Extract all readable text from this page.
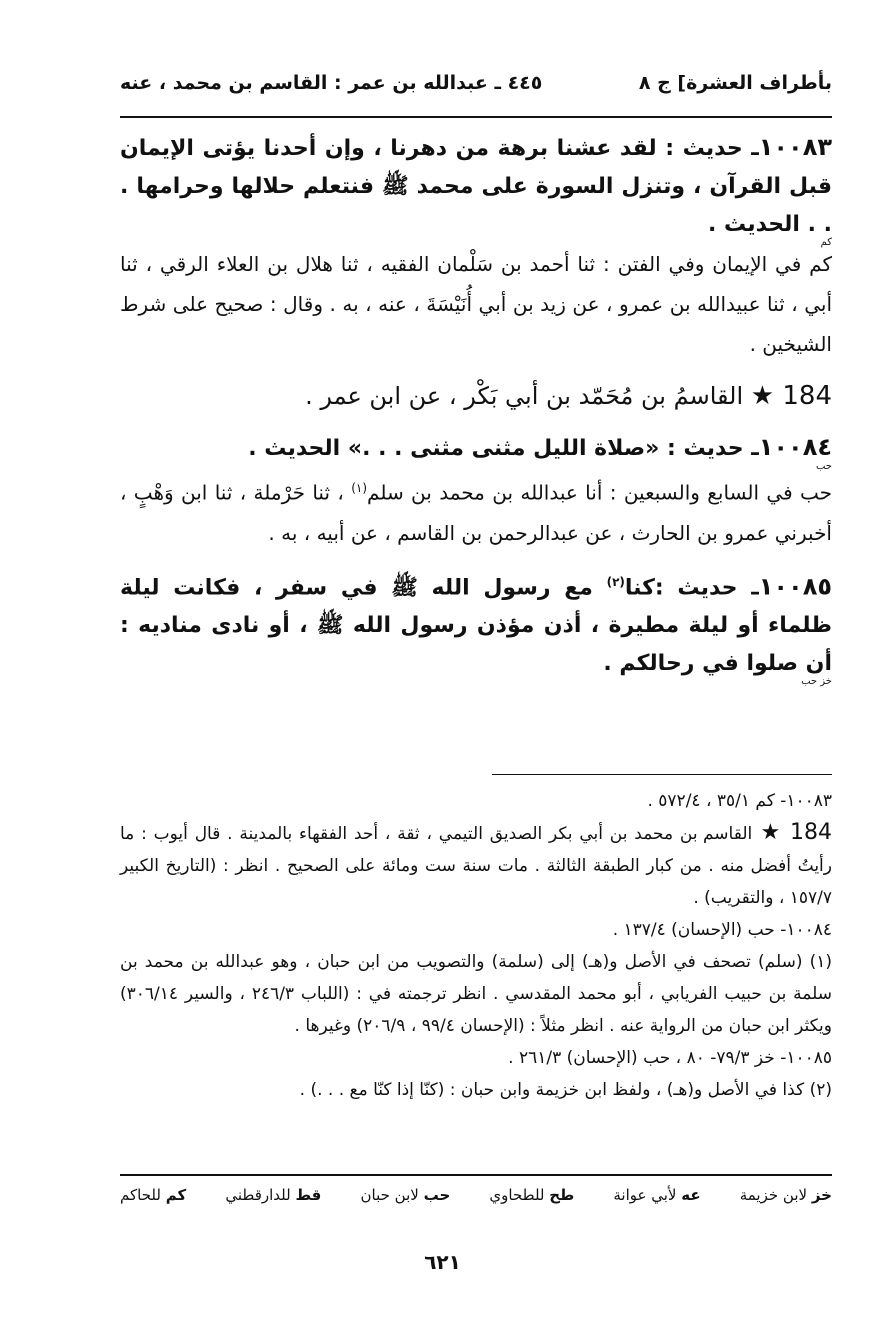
بأطراف العشرة] ج ٨
٤٤٥ ـ عبدالله بن عمر : القاسم بن محمد ، عنه
١٠٠٨٣ـ حديث : لقد عشنا برهة من دهرنا ، وإن أحدنا يؤتى الإيمان قبل القرآن ، وتنزل السورة على محمد ﷺ فنتعلم حلالها وحرامها . . . الحديث .
كم
كم في الإيمان وفي الفتن : ثنا أحمد بن سَلْمان الفقيه ، ثنا هلال بن العلاء الرقي ، ثنا أبي ، ثنا عبيدالله بن عمرو ، عن زيد بن أبي أُنَيْسَةَ ، عنه ، به . وقال : صحيح على شرط الشيخين .
184 ★ القاسمُ بن مُحَمّد بن أبي بَكْر ، عن ابن عمر .
١٠٠٨٤ـ حديث : «صلاة الليل مثنى مثنى . . .» الحديث .
حب
حب في السابع والسبعين : أنا عبدالله بن محمد بن سلم$^{(١)}$ ، ثنا حَرْملة ، ثنا ابن وَهْبٍ ، أخبرني عمرو بن الحارث ، عن عبدالرحمن بن القاسم ، عن أبيه ، به .
١٠٠٨٥ـ حديث :كنا$^{(٢)}$ مع رسول الله ﷺ في سفر ، فكانت ليلة ظلماء أو ليلة مطيرة ، أذن مؤذن رسول الله ﷺ ، أو نادى مناديه : أن صلوا في رحالكم .
خز حب

١٠٠٨٣- كم ٣٥/١ ، ٥٧٢/٤ .

184 ★ القاسم بن محمد بن أبي بكر الصديق التيمي ، ثقة ، أحد الفقهاء بالمدينة . قال أيوب : ما رأيتُ أفضل منه . من كبار الطبقة الثالثة . مات سنة ست ومائة على الصحيح . انظر : (التاريخ الكبير ١٥٧/٧ ، والتقريب) .

١٠٠٨٤- حب (الإحسان) ١٣٧/٤ .

(١) (سلم) تصحف في الأصل و(هـ) إلى (سلمة) والتصويب من ابن حبان ، وهو عبدالله بن محمد بن سلمة بن حبيب الفريابي ، أبو محمد المقدسي . انظر ترجمته في : (اللباب ٢٤٦/٣ ، والسير ٣٠٦/١٤) ويكثر ابن حبان من الرواية عنه . انظر مثلاً : (الإحسان ٩٩/٤ ، ٢٠٦/٩) وغيرها .

١٠٠٨٥- خز ٧٩/٣- ٨٠ ، حب (الإحسان) ٢٦١/٣ .

(٢) كذا في الأصل و(هـ) ، ولفظ ابن خزيمة وابن حبان : (كنّا إذا كنّا مع . . .) .

خز لابن خزيمة
عه لأبي عوانة
طح للطحاوي
حب لابن حبان
قط للدارقطني
كم للحاكم
٦٢١
